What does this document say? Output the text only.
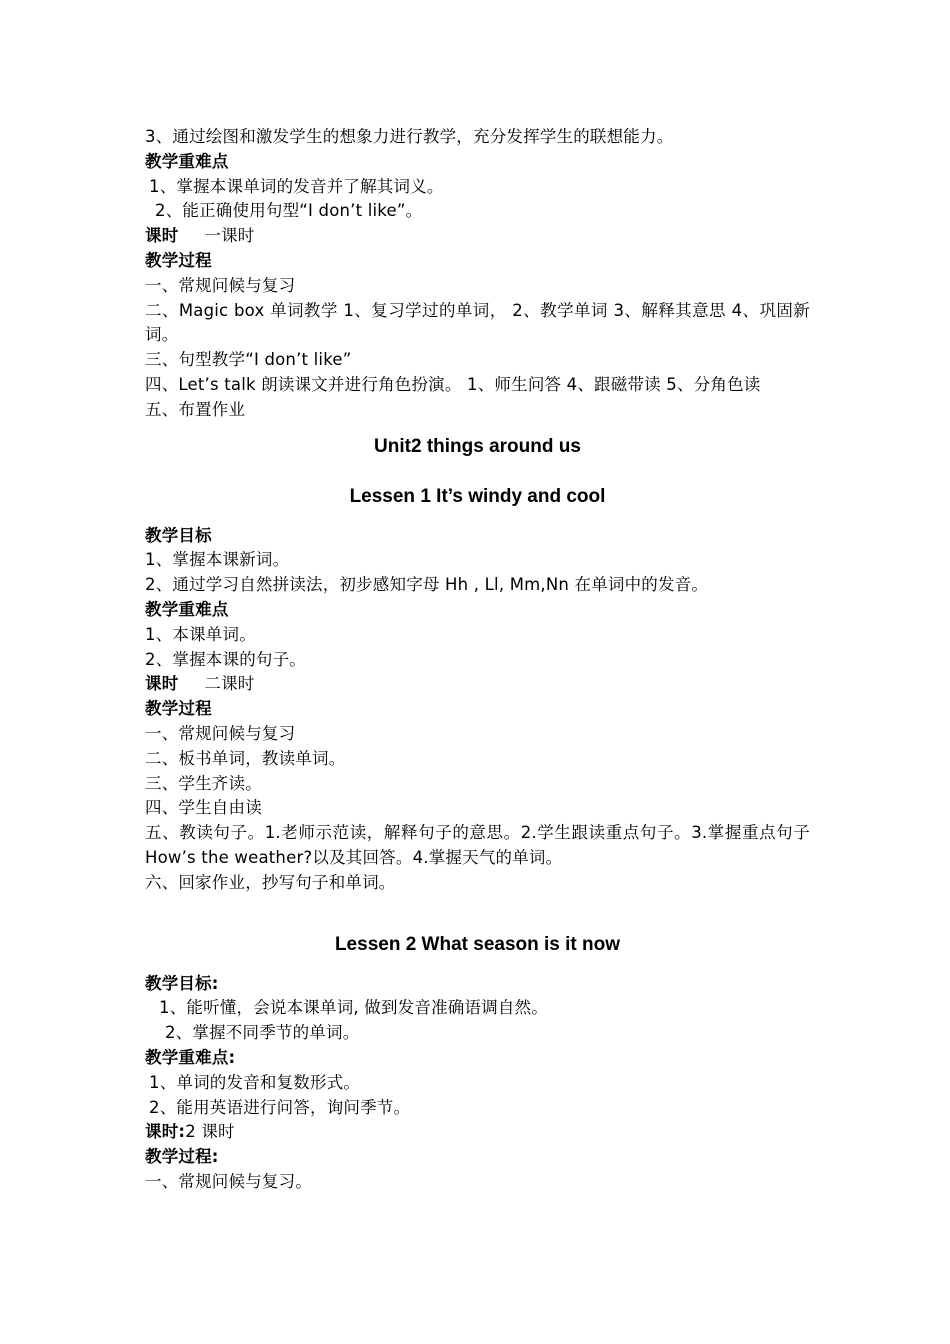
3、通过绘图和激发学生的想象力进行教学，充分发挥学生的联想能力。
教学重难点
1、掌握本课单词的发音并了解其词义。
2、能正确使用句型“I don’t like”。
课时 一课时
教学过程
一、常规问候与复习
二、Magic box 单词教学 1、复习学过的单词， 2、教学单词 3、解释其意思 4、巩固新词。
三、句型教学“I don’t like”
四、Let’s talk 朗读课文并进行角色扮演。 1、师生问答 4、跟磁带读 5、分角色读
五、布置作业
Unit2 things around us
Lessen 1 It’s windy and cool
教学目标
1、掌握本课新词。
2、通过学习自然拼读法，初步感知字母 Hh , Ll, Mm,Nn 在单词中的发音。
教学重难点
1、本课单词。
2、掌握本课的句子。
课时 二课时
教学过程
一、常规问候与复习
二、板书单词，教读单词。
三、学生齐读。
四、学生自由读
五、教读句子。1.老师示范读，解释句子的意思。2.学生跟读重点句子。3.掌握重点句子 How’s the weather?以及其回答。4.掌握天气的单词。
六、回家作业，抄写句子和单词。
Lessen 2 What season is it now
教学目标:
1、能听懂，会说本课单词, 做到发音准确语调自然。
2、掌握不同季节的单词。
教学重难点:
1、单词的发音和复数形式。
2、能用英语进行问答，询问季节。
课时:2 课时
教学过程:
一、常规问候与复习。
